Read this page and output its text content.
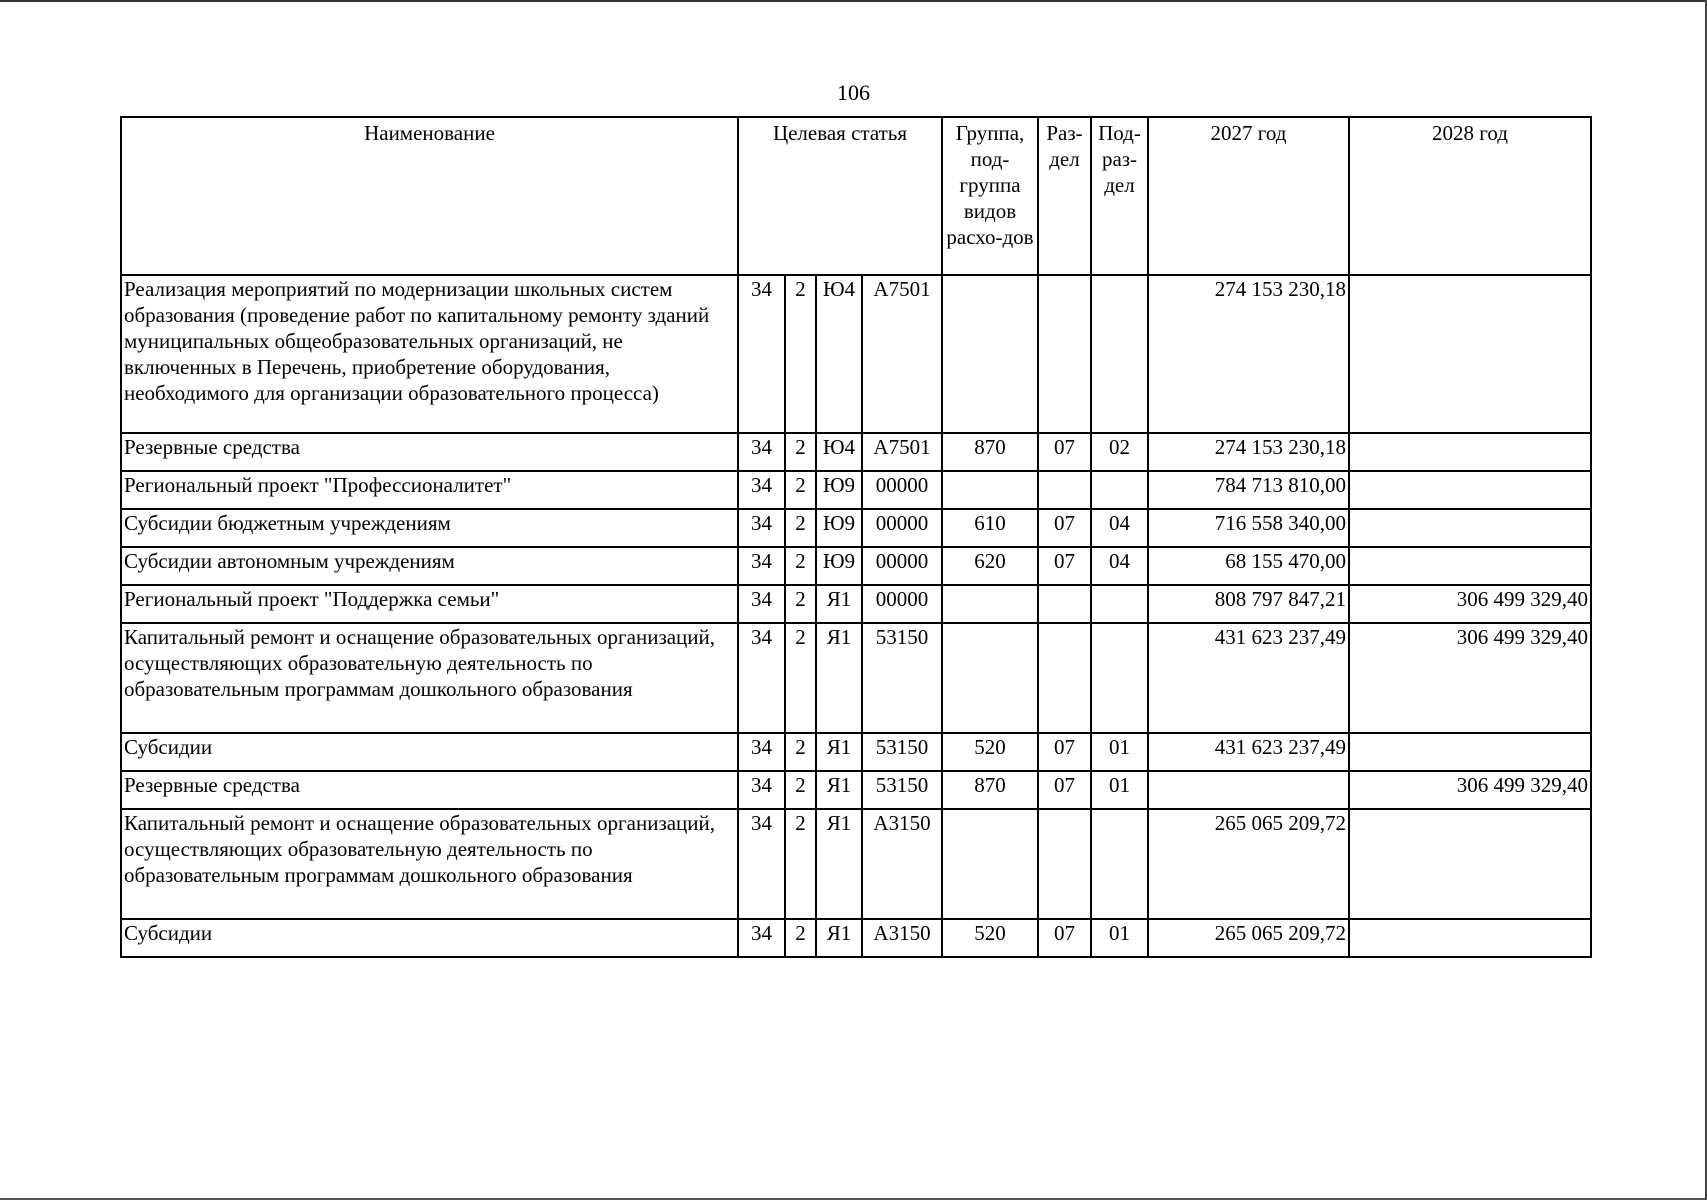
106
Наименование	Целевая статья				Группа, под-группа видов расхо-дов	Раз-дел	Под-раз-дел	2027 год	2028 год
Реализация мероприятий по модернизации школьных систем образования (проведение работ по капитальному ремонту зданий муниципальных общеобразовательных организаций, не включенных в Перечень, приобретение оборудования, необходимого для организации образовательного процесса)	34	2	Ю4	А7501				274 153 230,18	
Резервные средства	34	2	Ю4	А7501	870	07	02	274 153 230,18	
Региональный проект "Профессионалитет"	34	2	Ю9	00000				784 713 810,00	
Субсидии бюджетным учреждениям	34	2	Ю9	00000	610	07	04	716 558 340,00	
Субсидии автономным учреждениям	34	2	Ю9	00000	620	07	04	68 155 470,00	
Региональный проект "Поддержка семьи"	34	2	Я1	00000				808 797 847,21	306 499 329,40
Капитальный ремонт и оснащение образовательных организаций, осуществляющих образовательную деятельность по образовательным программам дошкольного образования	34	2	Я1	53150				431 623 237,49	306 499 329,40
Субсидии	34	2	Я1	53150	520	07	01	431 623 237,49	
Резервные средства	34	2	Я1	53150	870	07	01		306 499 329,40
Капитальный ремонт и оснащение образовательных организаций, осуществляющих образовательную деятельность по образовательным программам дошкольного образования	34	2	Я1	А3150				265 065 209,72	
Субсидии	34	2	Я1	А3150	520	07	01	265 065 209,72	
